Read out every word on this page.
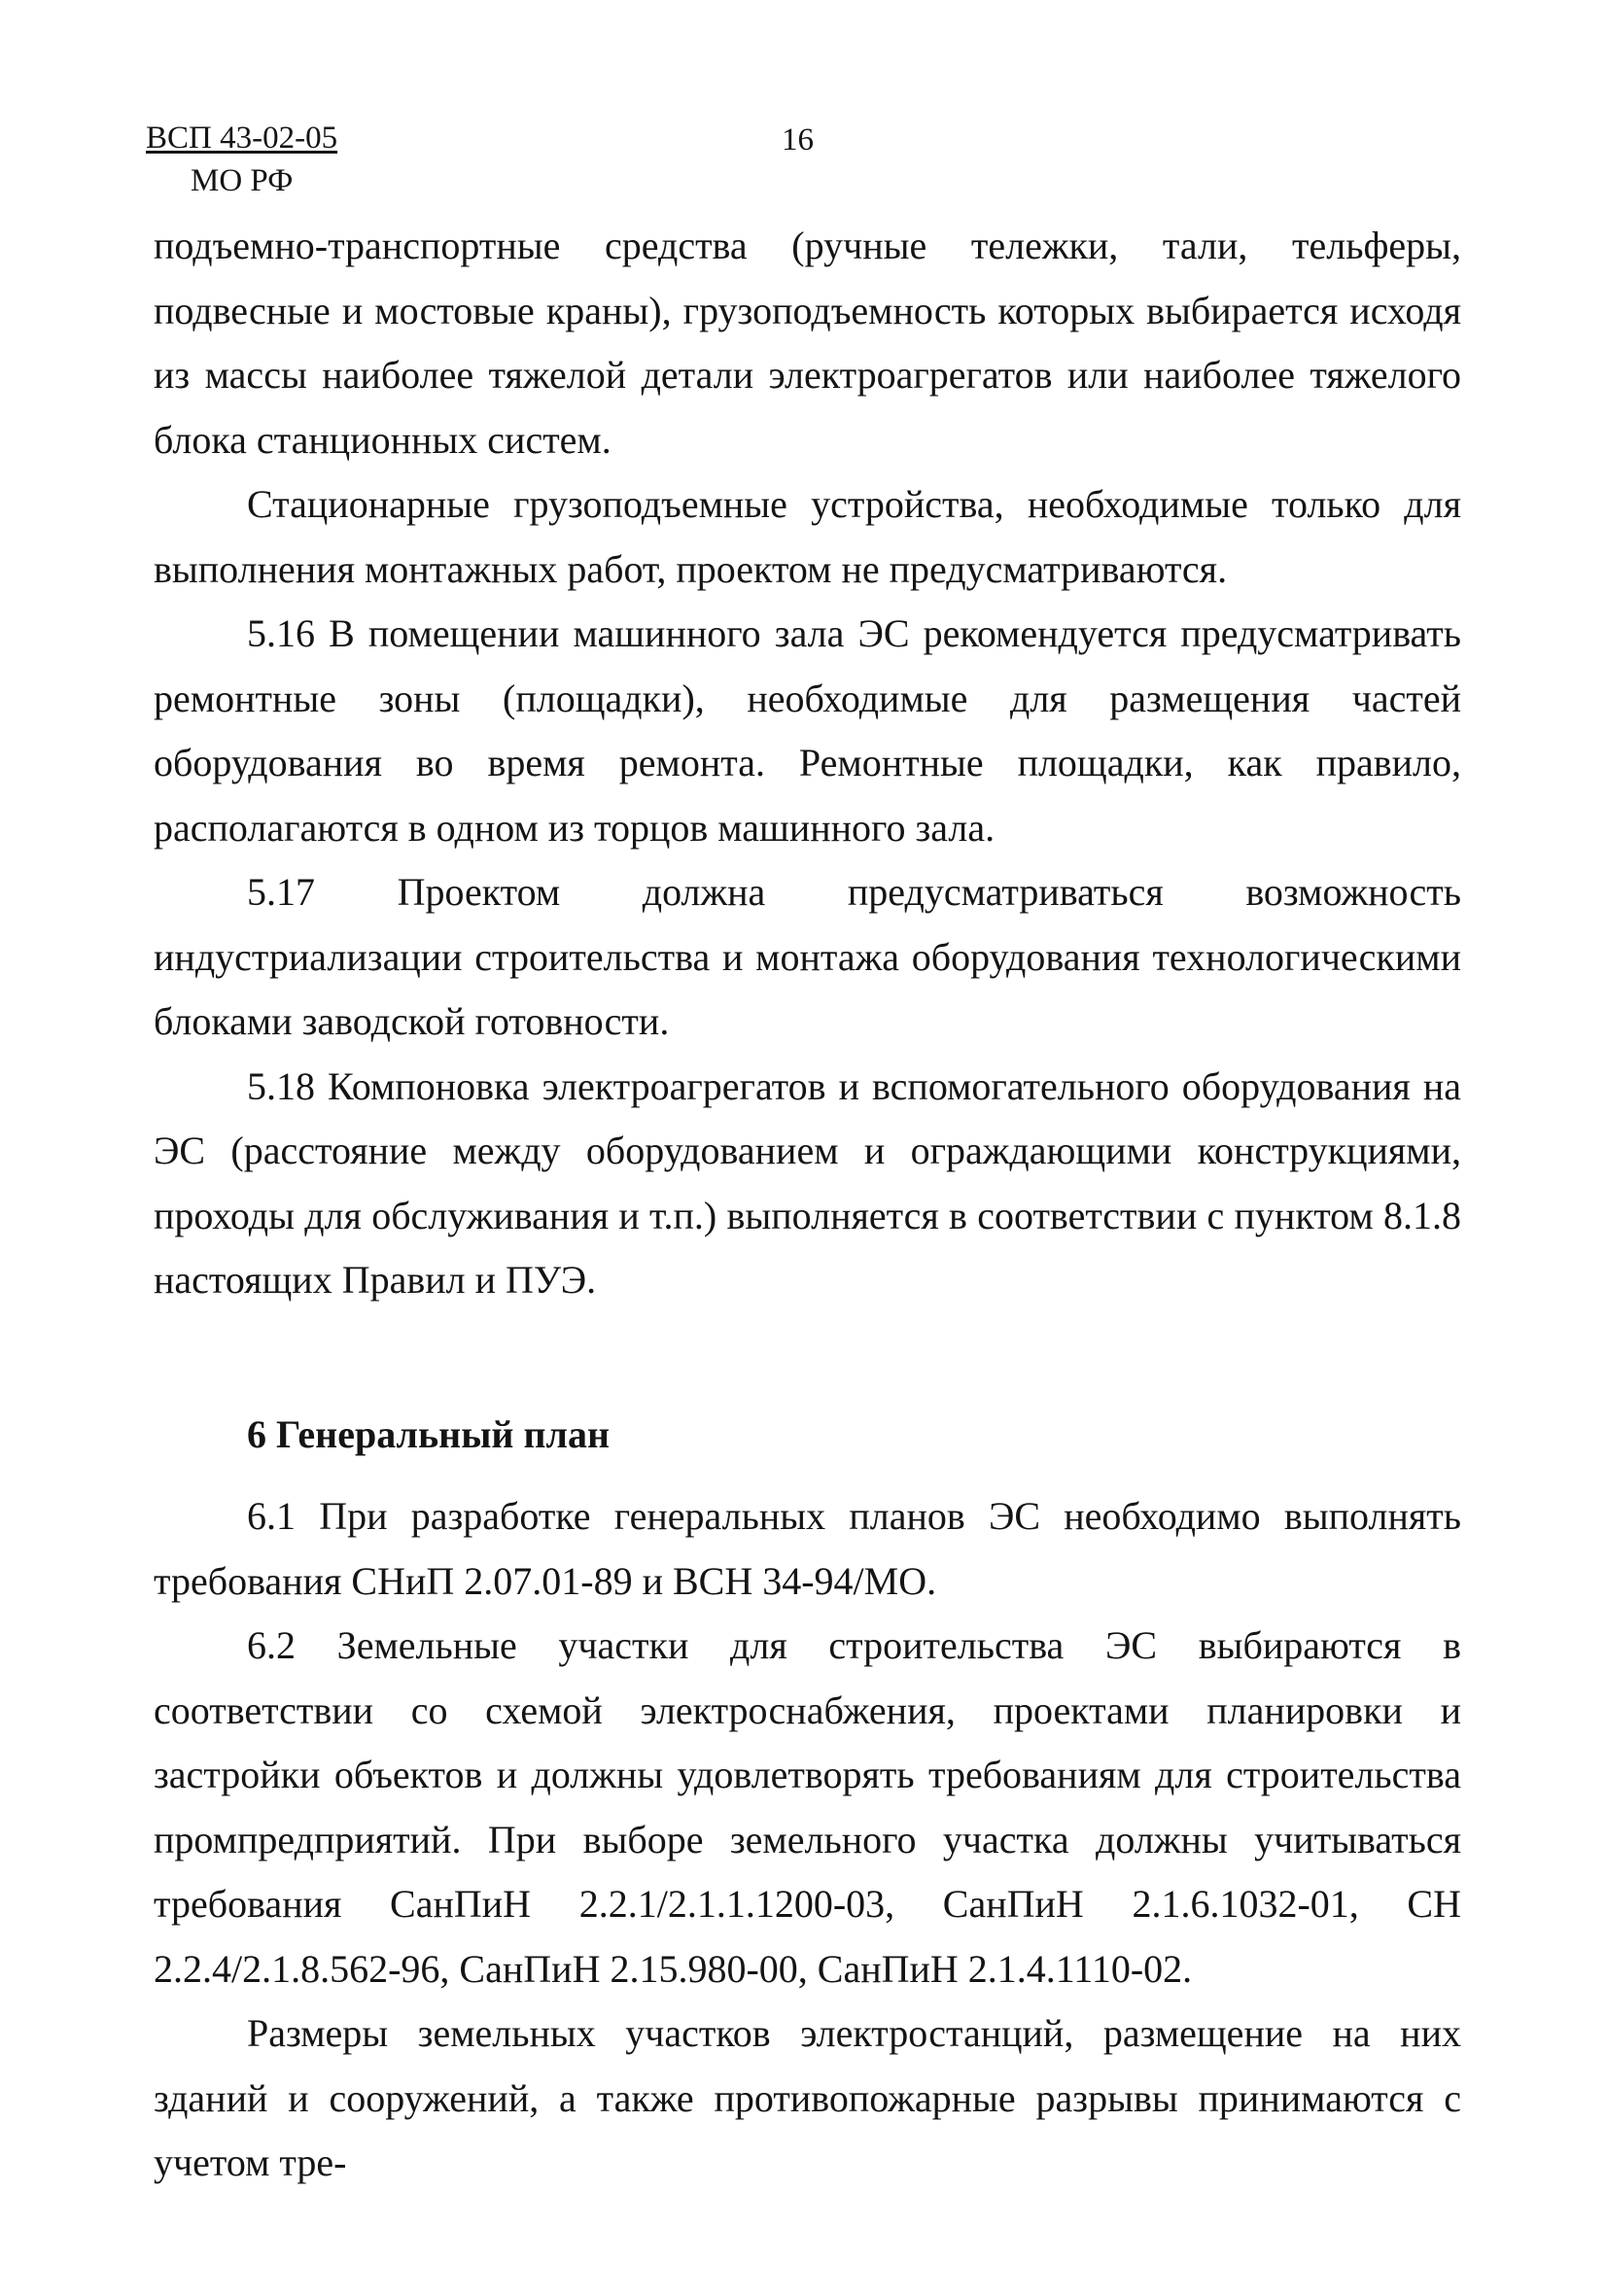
ВСП 43-02-05
МО РФ
16

подъемно-транспортные средства (ручные тележки, тали, тельферы, подвесные и мостовые краны), грузоподъемность которых выбирается исходя из массы наиболее тяжелой детали электроагрегатов или наиболее тяжелого блока станционных систем.

Стационарные грузоподъемные устройства, необходимые только для выполнения монтажных работ, проектом не предусматриваются.

5.16 В помещении машинного зала ЭС рекомендуется предусматривать ремонтные зоны (площадки), необходимые для размещения частей оборудования во время ремонта. Ремонтные площадки, как правило, располагаются в одном из торцов машинного зала.

5.17 Проектом должна предусматриваться возможность индустриализации строительства и монтажа оборудования технологическими блоками заводской готовности.

5.18 Компоновка электроагрегатов и вспомогательного оборудования на ЭС (расстояние между оборудованием и ограждающими конструкциями, проходы для обслуживания и т.п.) выполняется в соответствии с пунктом 8.1.8 настоящих Правил и ПУЭ.

6 Генеральный план

6.1 При разработке генеральных планов ЭС необходимо выполнять требования СНиП 2.07.01-89 и ВСН 34-94/МО.

6.2 Земельные участки для строительства ЭС выбираются в соответствии со схемой электроснабжения, проектами планировки и застройки объектов и должны удовлетворять требованиям для строительства промпредприятий. При выборе земельного участка должны учитываться требования СанПиН 2.2.1/2.1.1.1200-03, СанПиН 2.1.6.1032-01, СН 2.2.4/2.1.8.562-96, СанПиН 2.15.980-00, СанПиН 2.1.4.1110-02.

Размеры земельных участков электростанций, размещение на них зданий и сооружений, а также противопожарные разрывы принимаются с учетом тре-
